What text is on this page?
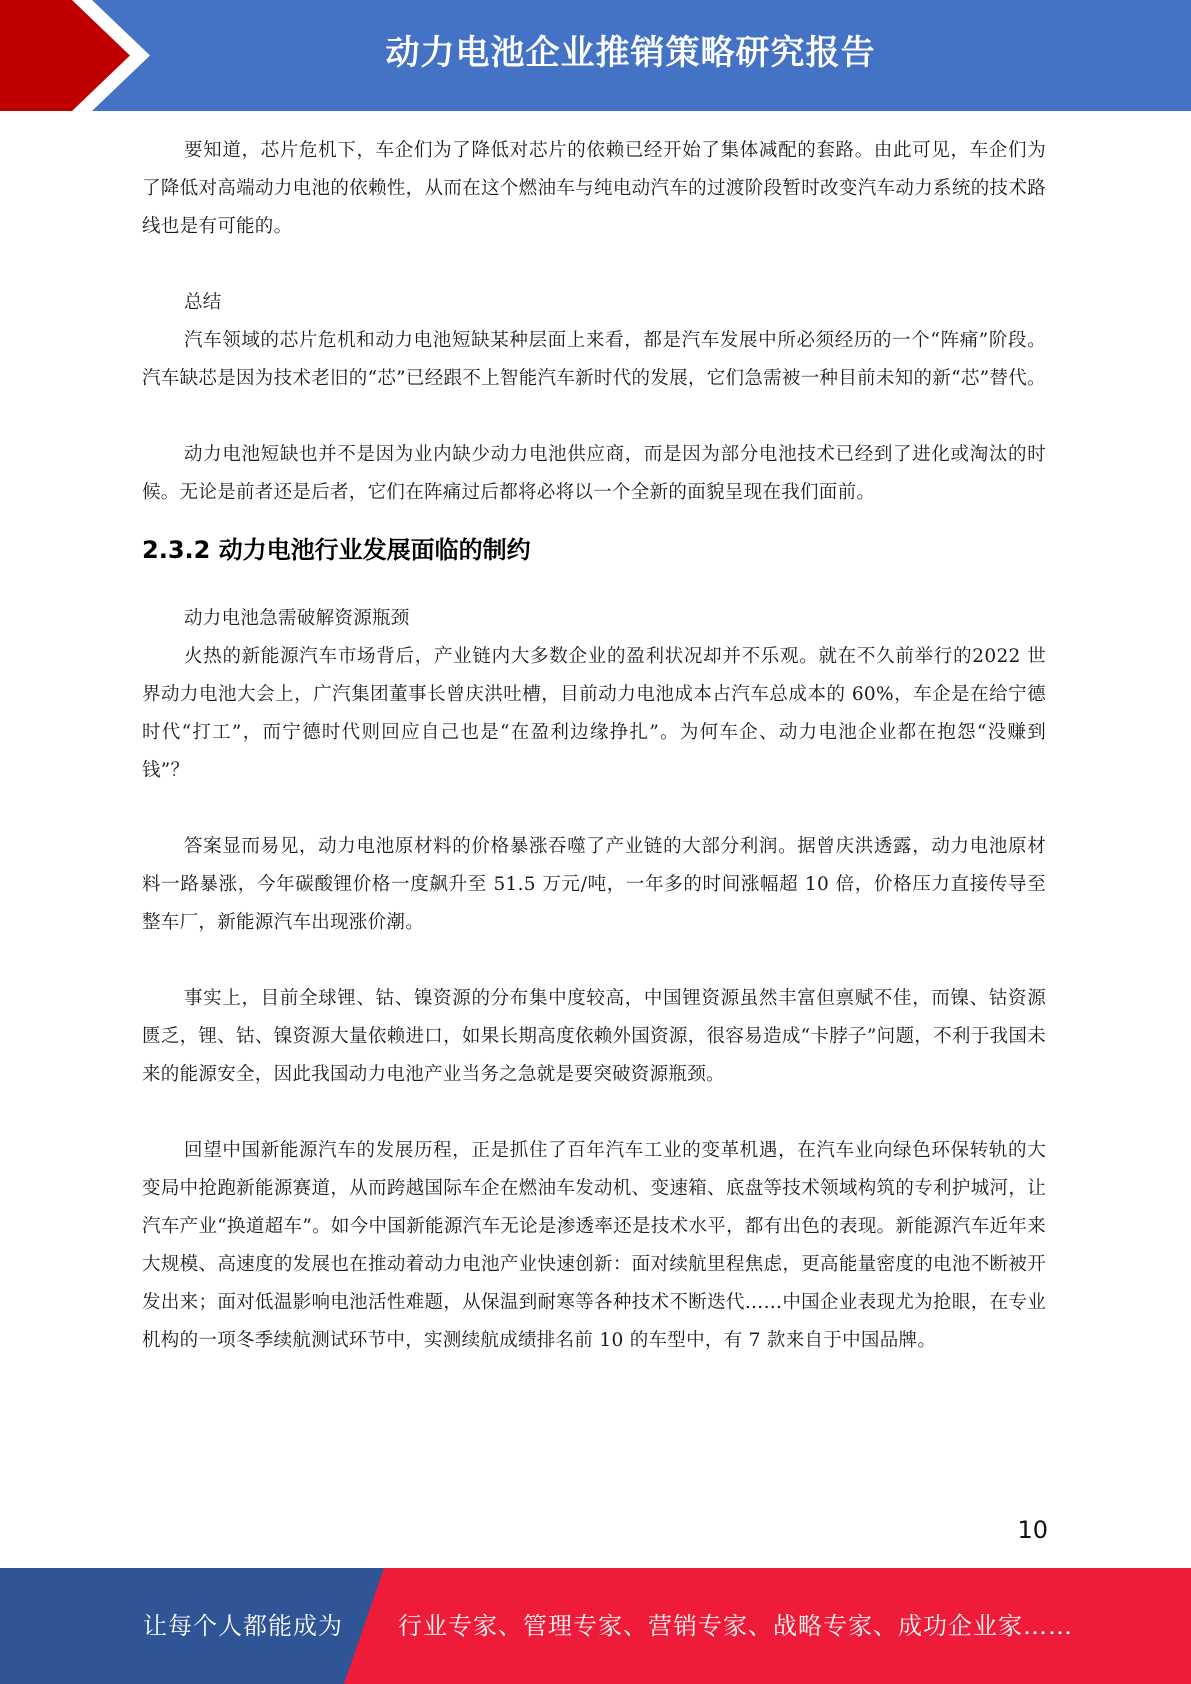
动力电池企业推销策略研究报告

要知道，芯片危机下，车企们为了降低对芯片的依赖已经开始了集体减配的套路。由此可见，车企们为了降低对高端动力电池的依赖性，从而在这个燃油车与纯电动汽车的过渡阶段暂时改变汽车动力系统的技术路线也是有可能的。

总结

汽车领域的芯片危机和动力电池短缺某种层面上来看，都是汽车发展中所必须经历的一个“阵痛”阶段。汽车缺芯是因为技术老旧的“芯”已经跟不上智能汽车新时代的发展，它们急需被一种目前未知的新“芯”替代。

动力电池短缺也并不是因为业内缺少动力电池供应商，而是因为部分电池技术已经到了进化或淘汰的时候。无论是前者还是后者，它们在阵痛过后都将必将以一个全新的面貌呈现在我们面前。

2.3.2 动力电池行业发展面临的制约

动力电池急需破解资源瓶颈

火热的新能源汽车市场背后，产业链内大多数企业的盈利状况却并不乐观。就在不久前举行的2022 世界动力电池大会上，广汽集团董事长曾庆洪吐槽，目前动力电池成本占汽车总成本的 60%，车企是在给宁德时代“打工”，而宁德时代则回应自己也是“在盈利边缘挣扎”。为何车企、动力电池企业都在抱怨“没赚到钱”？

答案显而易见，动力电池原材料的价格暴涨吞噬了产业链的大部分利润。据曾庆洪透露，动力电池原材料一路暴涨，今年碳酸锂价格一度飙升至 51.5 万元/吨，一年多的时间涨幅超 10 倍，价格压力直接传导至整车厂，新能源汽车出现涨价潮。

事实上，目前全球锂、钴、镍资源的分布集中度较高，中国锂资源虽然丰富但禀赋不佳，而镍、钴资源匮乏，锂、钴、镍资源大量依赖进口，如果长期高度依赖外国资源，很容易造成“卡脖子”问题，不利于我国未来的能源安全，因此我国动力电池产业当务之急就是要突破资源瓶颈。

回望中国新能源汽车的发展历程，正是抓住了百年汽车工业的变革机遇，在汽车业向绿色环保转轨的大变局中抢跑新能源赛道，从而跨越国际车企在燃油车发动机、变速箱、底盘等技术领域构筑的专利护城河，让汽车产业“换道超车”。如今中国新能源汽车无论是渗透率还是技术水平，都有出色的表现。新能源汽车近年来大规模、高速度的发展也在推动着动力电池产业快速创新：面对续航里程焦虑，更高能量密度的电池不断被开发出来；面对低温影响电池活性难题，从保温到耐寒等各种技术不断迭代……中国企业表现尤为抢眼，在专业机构的一项冬季续航测试环节中，实测续航成绩排名前 10 的车型中，有 7 款来自于中国品牌。

10
让每个人都能成为 行业专家、管理专家、营销专家、战略专家、成功企业家……
